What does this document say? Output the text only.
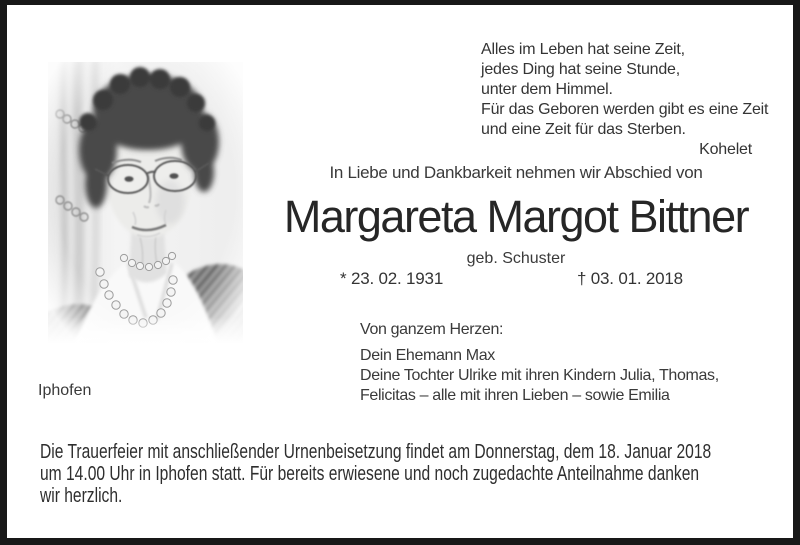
Alles im Leben hat seine Zeit,
jedes Ding hat seine Stunde,
unter dem Himmel.
Für das Geboren werden gibt es eine Zeit
und eine Zeit für das Sterben.
Kohelet
In Liebe und Dankbarkeit nehmen wir Abschied von
Margareta Margot Bittner
geb. Schuster
* 23. 02. 1931	† 03. 01. 2018
Von ganzem Herzen:
Dein Ehemann Max
Deine Tochter Ulrike mit ihren Kindern Julia, Thomas,
Felicitas – alle mit ihren Lieben – sowie Emilia
Iphofen
Die Trauerfeier mit anschließender Urnenbeisetzung findet am Donnerstag, dem 18. Januar 2018
um 14.00 Uhr in Iphofen statt. Für bereits erwiesene und noch zugedachte Anteilnahme danken
wir herzlich.
